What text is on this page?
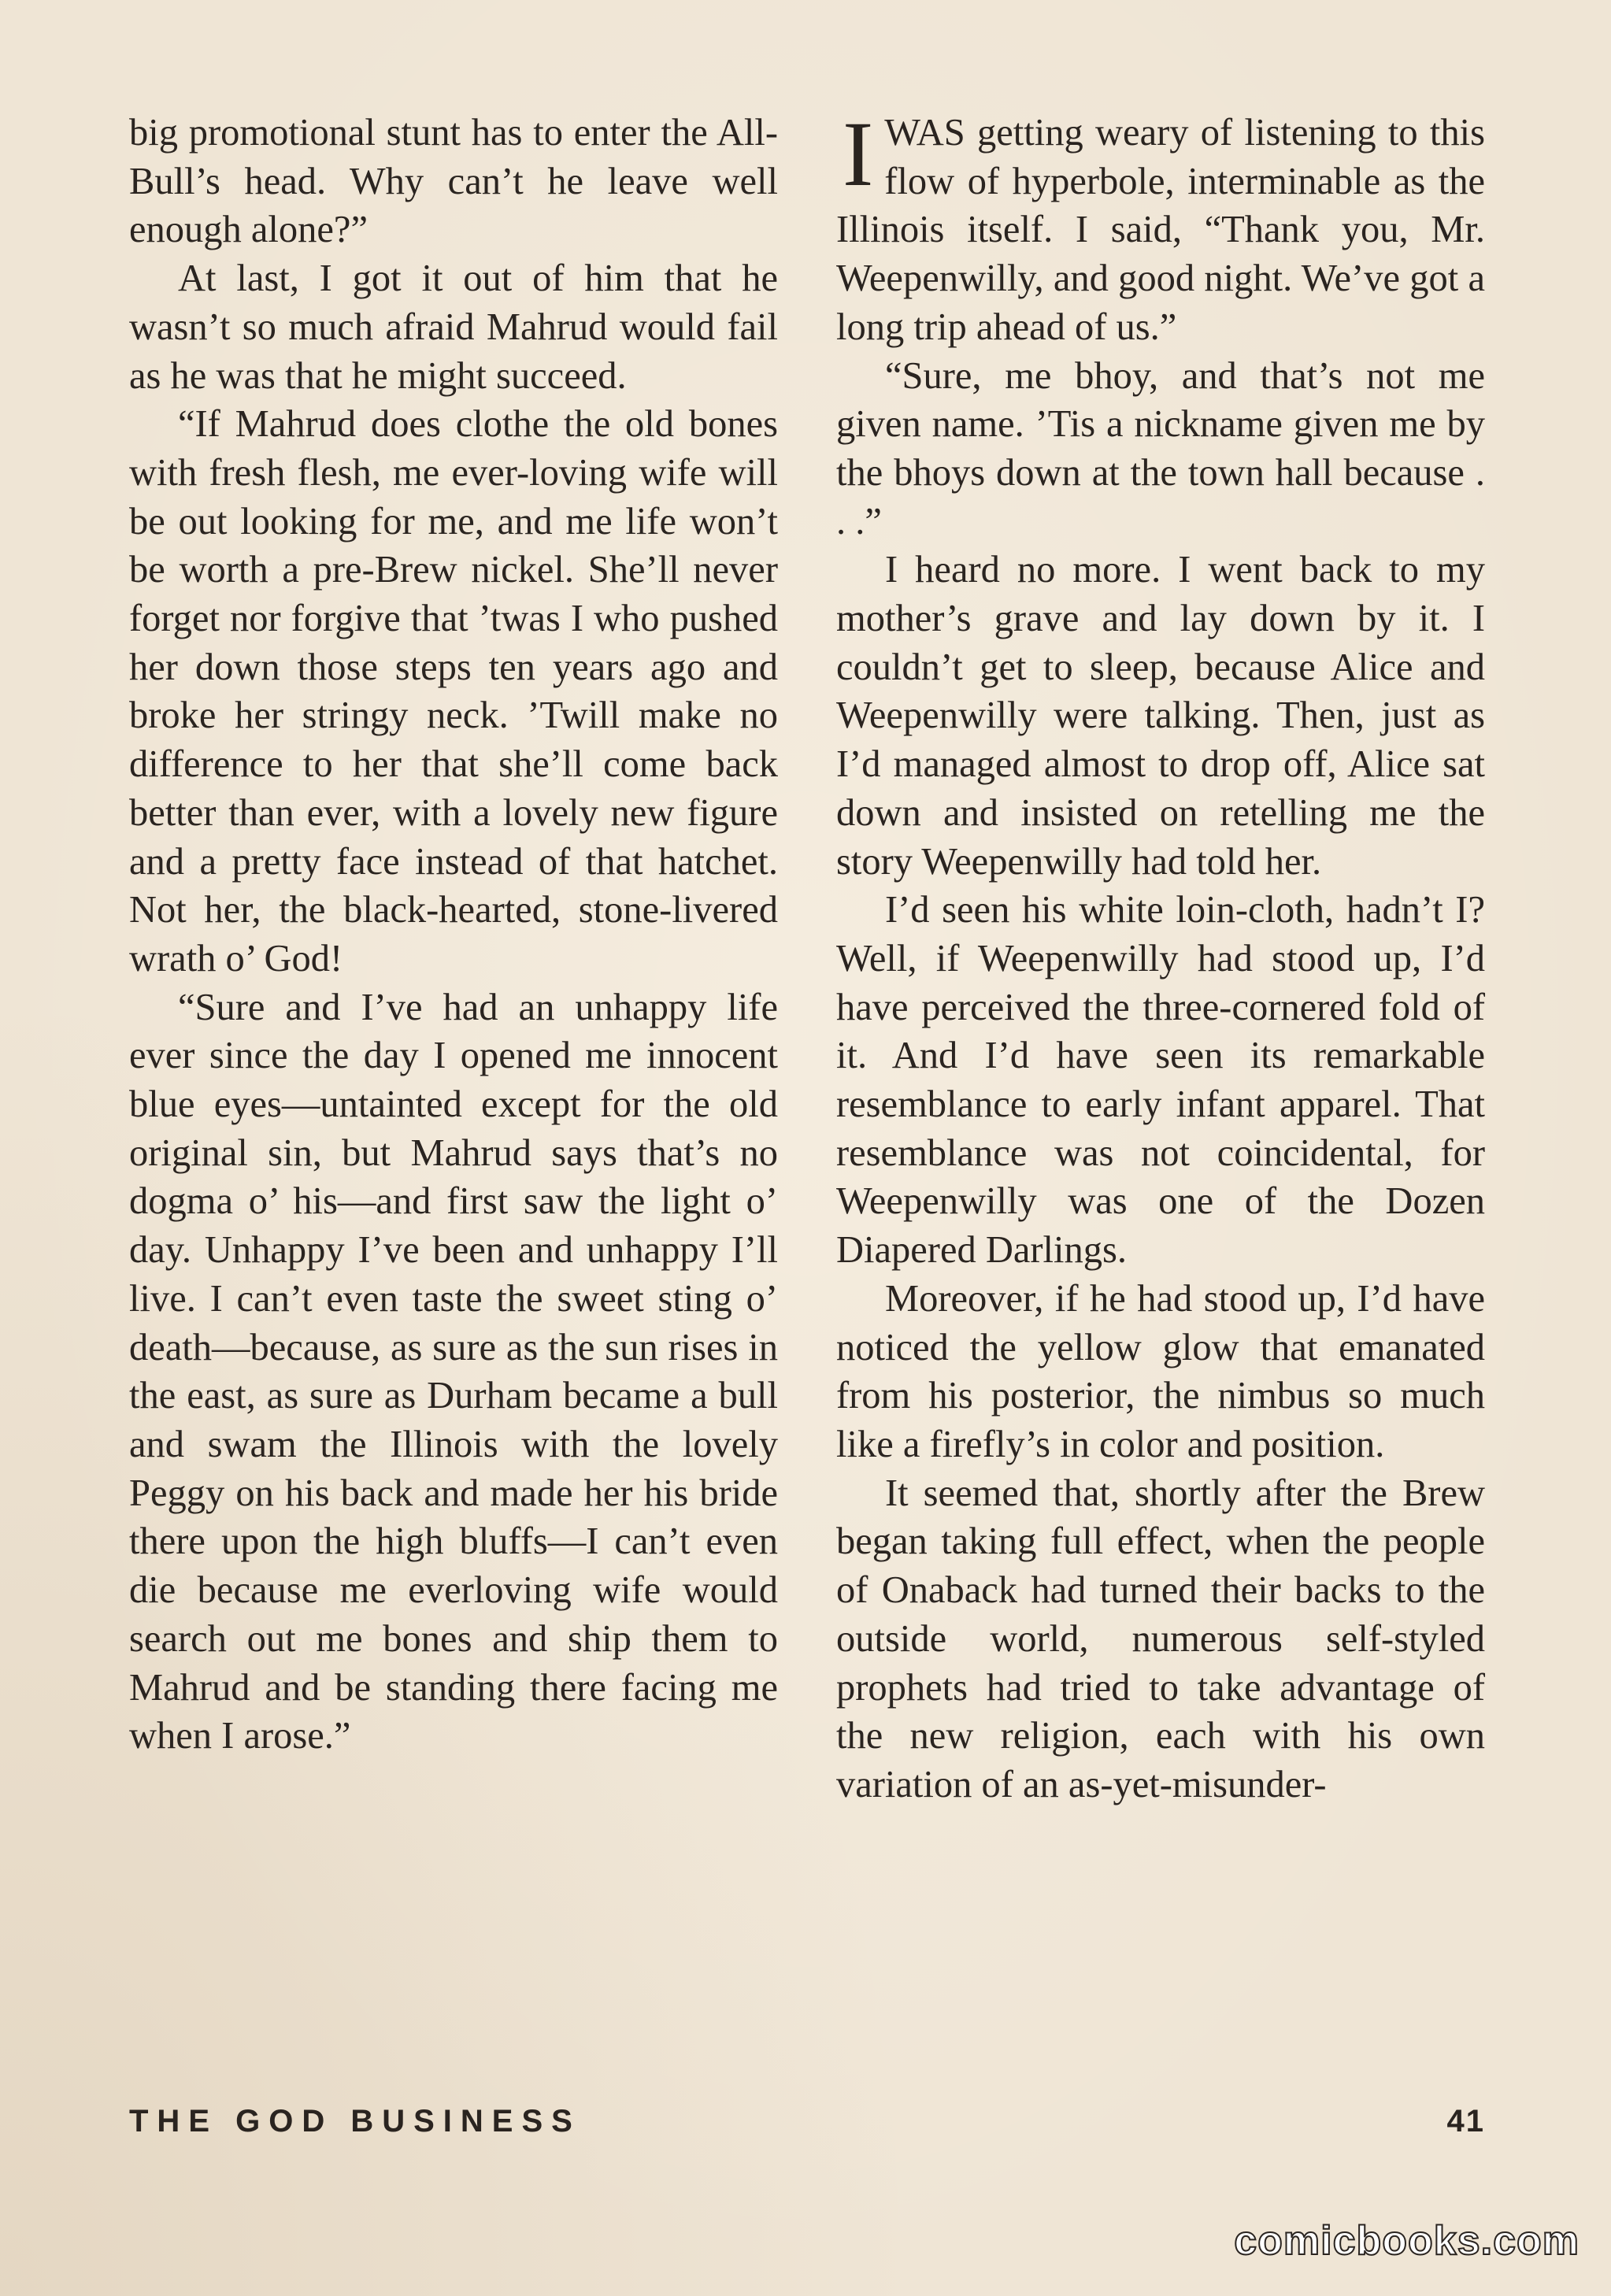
big promotional stunt has to enter the All-Bull’s head. Why can’t he leave well enough alone?”

At last, I got it out of him that he wasn’t so much afraid Mahrud would fail as he was that he might succeed.

“If Mahrud does clothe the old bones with fresh flesh, me ever-loving wife will be out looking for me, and me life won’t be worth a pre-Brew nickel. She’ll never forget nor forgive that ’twas I who pushed her down those steps ten years ago and broke her stringy neck. ’Twill make no difference to her that she’ll come back better than ever, with a lovely new figure and a pretty face instead of that hatchet. Not her, the black-hearted, stone-livered wrath o’ God!

“Sure and I’ve had an unhappy life ever since the day I opened me innocent blue eyes—untainted except for the old original sin, but Mahrud says that’s no dogma o’ his—and first saw the light o’ day. Unhappy I’ve been and unhappy I’ll live. I can’t even taste the sweet sting o’ death—because, as sure as the sun rises in the east, as sure as Durham became a bull and swam the Illinois with the lovely Peggy on his back and made her his bride there upon the high bluffs—I can’t even die because me everloving wife would search out me bones and ship them to Mahrud and be standing there facing me when I arose.”

IWAS getting weary of listening to this flow of hyperbole, interminable as the Illinois itself. I said, “Thank you, Mr. Weepenwilly, and good night. We’ve got a long trip ahead of us.”

“Sure, me bhoy, and that’s not me given name. ’Tis a nickname given me by the bhoys down at the town hall because . . .”

I heard no more. I went back to my mother’s grave and lay down by it. I couldn’t get to sleep, because Alice and Weepenwilly were talking. Then, just as I’d managed almost to drop off, Alice sat down and insisted on retelling me the story Weepenwilly had told her.

I’d seen his white loin-cloth, hadn’t I? Well, if Weepenwilly had stood up, I’d have perceived the three-cornered fold of it. And I’d have seen its remarkable resemblance to early infant apparel. That resemblance was not coincidental, for Weepenwilly was one of the Dozen Diapered Darlings.

Moreover, if he had stood up, I’d have noticed the yellow glow that emanated from his posterior, the nimbus so much like a firefly’s in color and position.

It seemed that, shortly after the Brew began taking full effect, when the people of Onaback had turned their backs to the outside world, numerous self-styled prophets had tried to take advantage of the new religion, each with his own variation of an as-yet-misunder-

THE GOD BUSINESS	41
comicbooks.com
